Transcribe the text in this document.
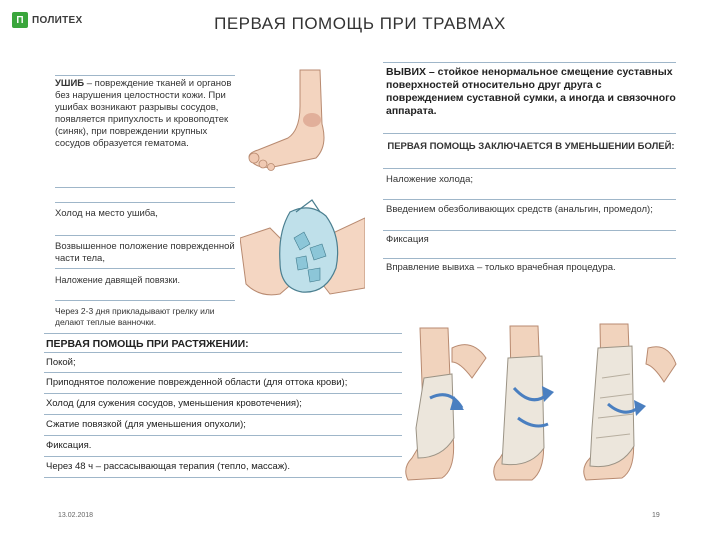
П ПОЛИТЕХ	ПЕРВАЯ ПОМОЩЬ ПРИ ТРАВМАХ
УШИБ – повреждение тканей и органов без нарушения целостности кожи. При ушибах возникают разрывы сосудов, появляется припухлость и кровоподтек (синяк), при повреждении крупных сосудов образуется гематома.
Холод на место ушиба,
Возвышенное положение поврежденной части тела,
Наложение давящей повязки.
Через 2-3 дня прикладывают грелку или делают теплые ванночки.
ВЫВИХ – стойкое ненормальное смещение суставных поверхностей относительно друг друга с повреждением суставной сумки, а иногда и связочного аппарата.
ПЕРВАЯ ПОМОЩЬ ЗАКЛЮЧАЕТСЯ В УМЕНЬШЕНИИ БОЛЕЙ:
Наложение холода;
Введением обезболивающих средств (анальгин, промедол);
Фиксация
Вправление вывиха – только врачебная процедура.
ПЕРВАЯ ПОМОЩЬ ПРИ РАСТЯЖЕНИИ:
Покой;
Приподнятое положение поврежденной области (для оттока крови);
Холод (для сужения сосудов, уменьшения кровотечения);
Сжатие повязкой (для уменьшения опухоли);
Фиксация.
Через 48 ч – рассасывающая терапия (тепло, массаж).
13.02.2018	19
